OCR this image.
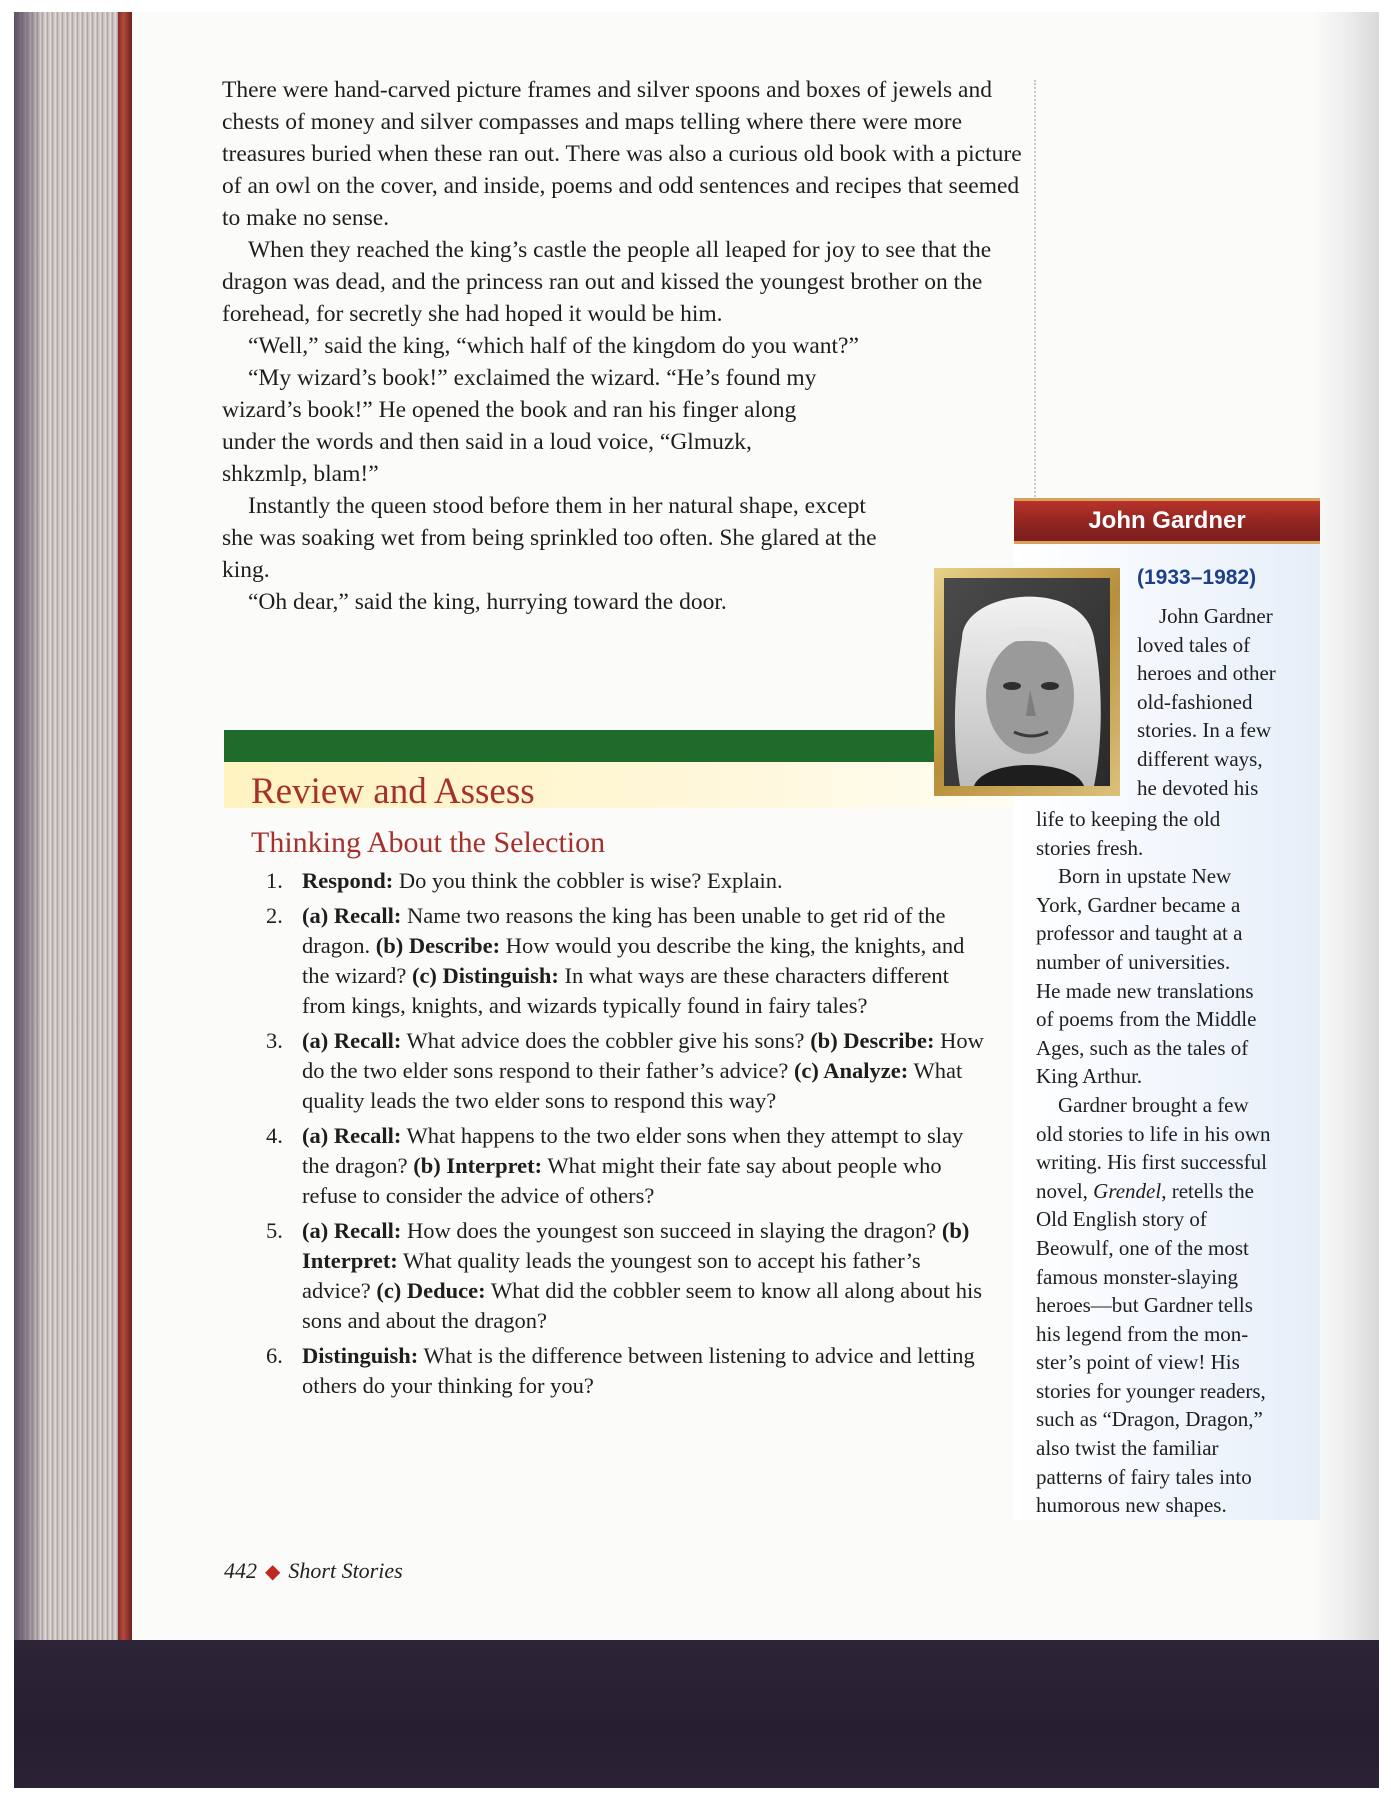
There were hand-carved picture frames and silver spoons and boxes of jewels and chests of money and silver compasses and maps telling where there were more treasures buried when these ran out. There was also a curious old book with a picture of an owl on the cover, and inside, poems and odd sentences and recipes that seemed to make no sense.

When they reached the king’s castle the people all leaped for joy to see that the dragon was dead, and the princess ran out and kissed the youngest brother on the forehead, for secretly she had hoped it would be him.

“Well,” said the king, “which half of the kingdom do you want?”

“My wizard’s book!” exclaimed the wizard. “He’s found my wizard’s book!” He opened the book and ran his finger along under the words and then said in a loud voice, “Glmuzk, shkzmlp, blam!”

Instantly the queen stood before them in her natural shape, except she was soaking wet from being sprinkled too often. She glared at the king.

“Oh dear,” said the king, hurrying toward the door.

Review and Assess
Thinking About the Selection
1. Respond: Do you think the cobbler is wise? Explain.
2. (a) Recall: Name two reasons the king has been unable to get rid of the dragon. (b) Describe: How would you describe the king, the knights, and the wizard? (c) Distinguish: In what ways are these characters different from kings, knights, and wizards typically found in fairy tales?
3. (a) Recall: What advice does the cobbler give his sons? (b) Describe: How do the two elder sons respond to their father’s advice? (c) Analyze: What quality leads the two elder sons to respond this way?
4. (a) Recall: What happens to the two elder sons when they attempt to slay the dragon? (b) Interpret: What might their fate say about people who refuse to consider the advice of others?
5. (a) Recall: How does the youngest son succeed in slaying the dragon? (b) Interpret: What quality leads the youngest son to accept his father’s advice? (c) Deduce: What did the cobbler seem to know all along about his sons and about the dragon?
6. Distinguish: What is the difference between listening to advice and letting others do your thinking for you?
442 ◆ Short Stories
John Gardner
(1933–1982)

John Gardner

loved tales of

heroes and other

old-fashioned

stories. In a few

different ways,

he devoted his

life to keeping the old

stories fresh.

Born in upstate New

York, Gardner became a

professor and taught at a

number of universities.

He made new translations

of poems from the Middle

Ages, such as the tales of

King Arthur.

Gardner brought a few

old stories to life in his own

writing. His first successful

novel, Grendel, retells the

Old English story of

Beowulf, one of the most

famous monster-slaying

heroes—but Gardner tells

his legend from the mon-

ster’s point of view! His

stories for younger readers,

such as “Dragon, Dragon,”

also twist the familiar

patterns of fairy tales into

humorous new shapes.
